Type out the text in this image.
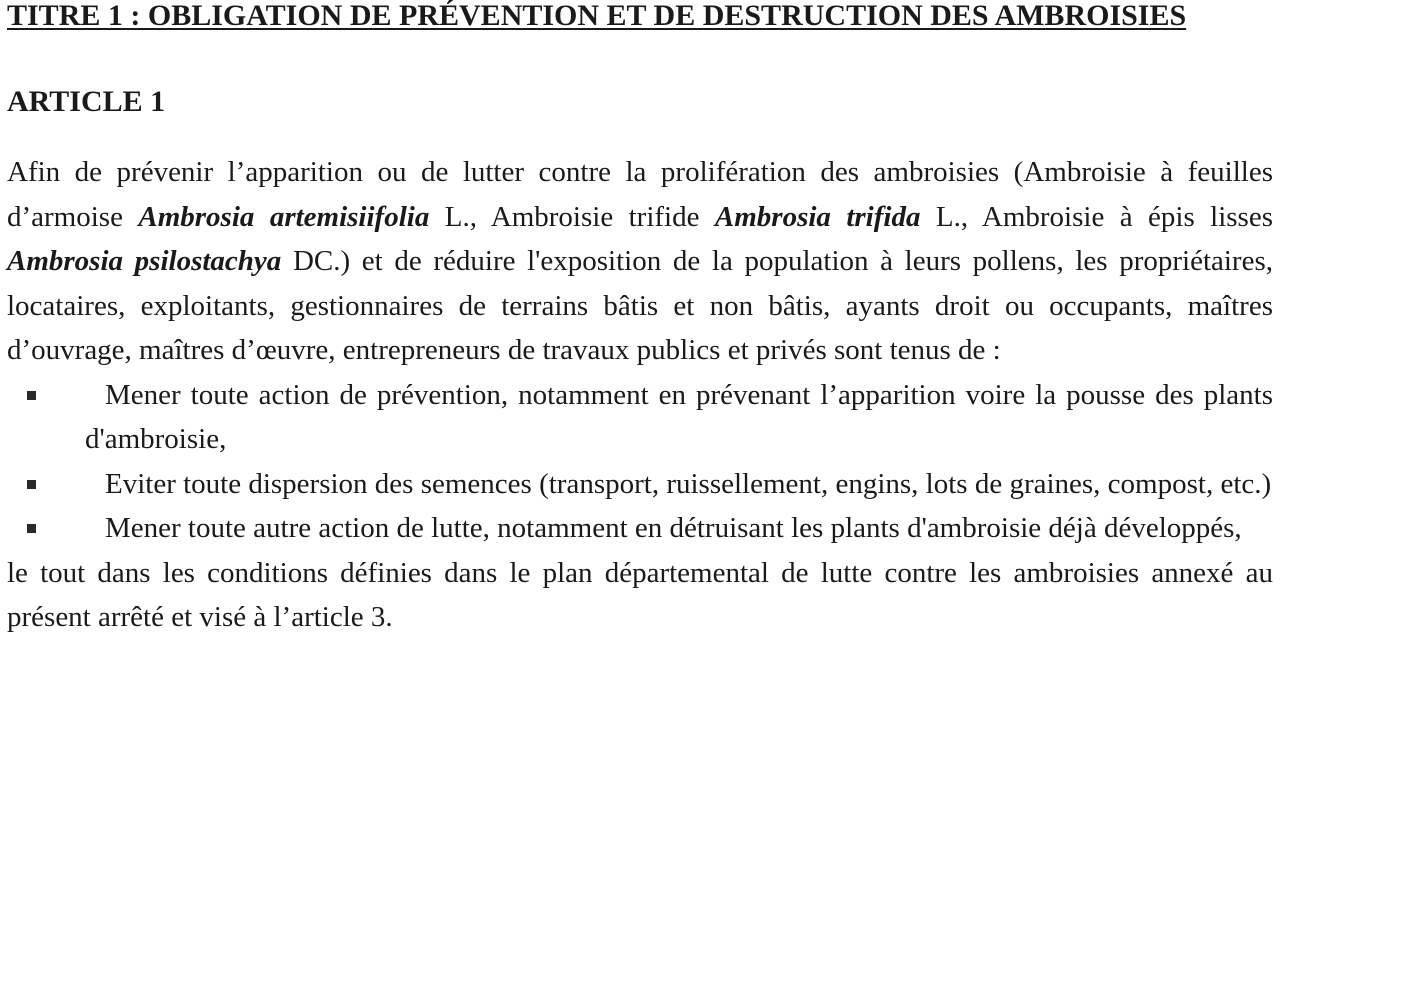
TITRE 1 : OBLIGATION DE PRÉVENTION ET DE DESTRUCTION DES AMBROISIES
ARTICLE 1

Afin de prévenir l’apparition ou de lutter contre la prolifération des ambroisies (Ambroisie à feuilles d’armoise Ambrosia artemisiifolia L., Ambroisie trifide Ambrosia trifida L., Ambroisie à épis lisses Ambrosia psilostachya DC.) et de réduire l'exposition de la population à leurs pollens, les propriétaires, locataires, exploitants, gestionnaires de terrains bâtis et non bâtis, ayants droit ou occupants, maîtres d’ouvrage, maîtres d’œuvre, entrepreneurs de travaux publics et privés sont tenus de :

Mener toute action de prévention, notamment en prévenant l’apparition voire la pousse des plants d'ambroisie,
Eviter toute dispersion des semences (transport, ruissellement, engins, lots de graines, compost, etc.)
Mener toute autre action de lutte, notamment en détruisant les plants d'ambroisie déjà développés,

le tout dans les conditions définies dans le plan départemental de lutte contre les ambroisies annexé au présent arrêté et visé à l’article 3.
